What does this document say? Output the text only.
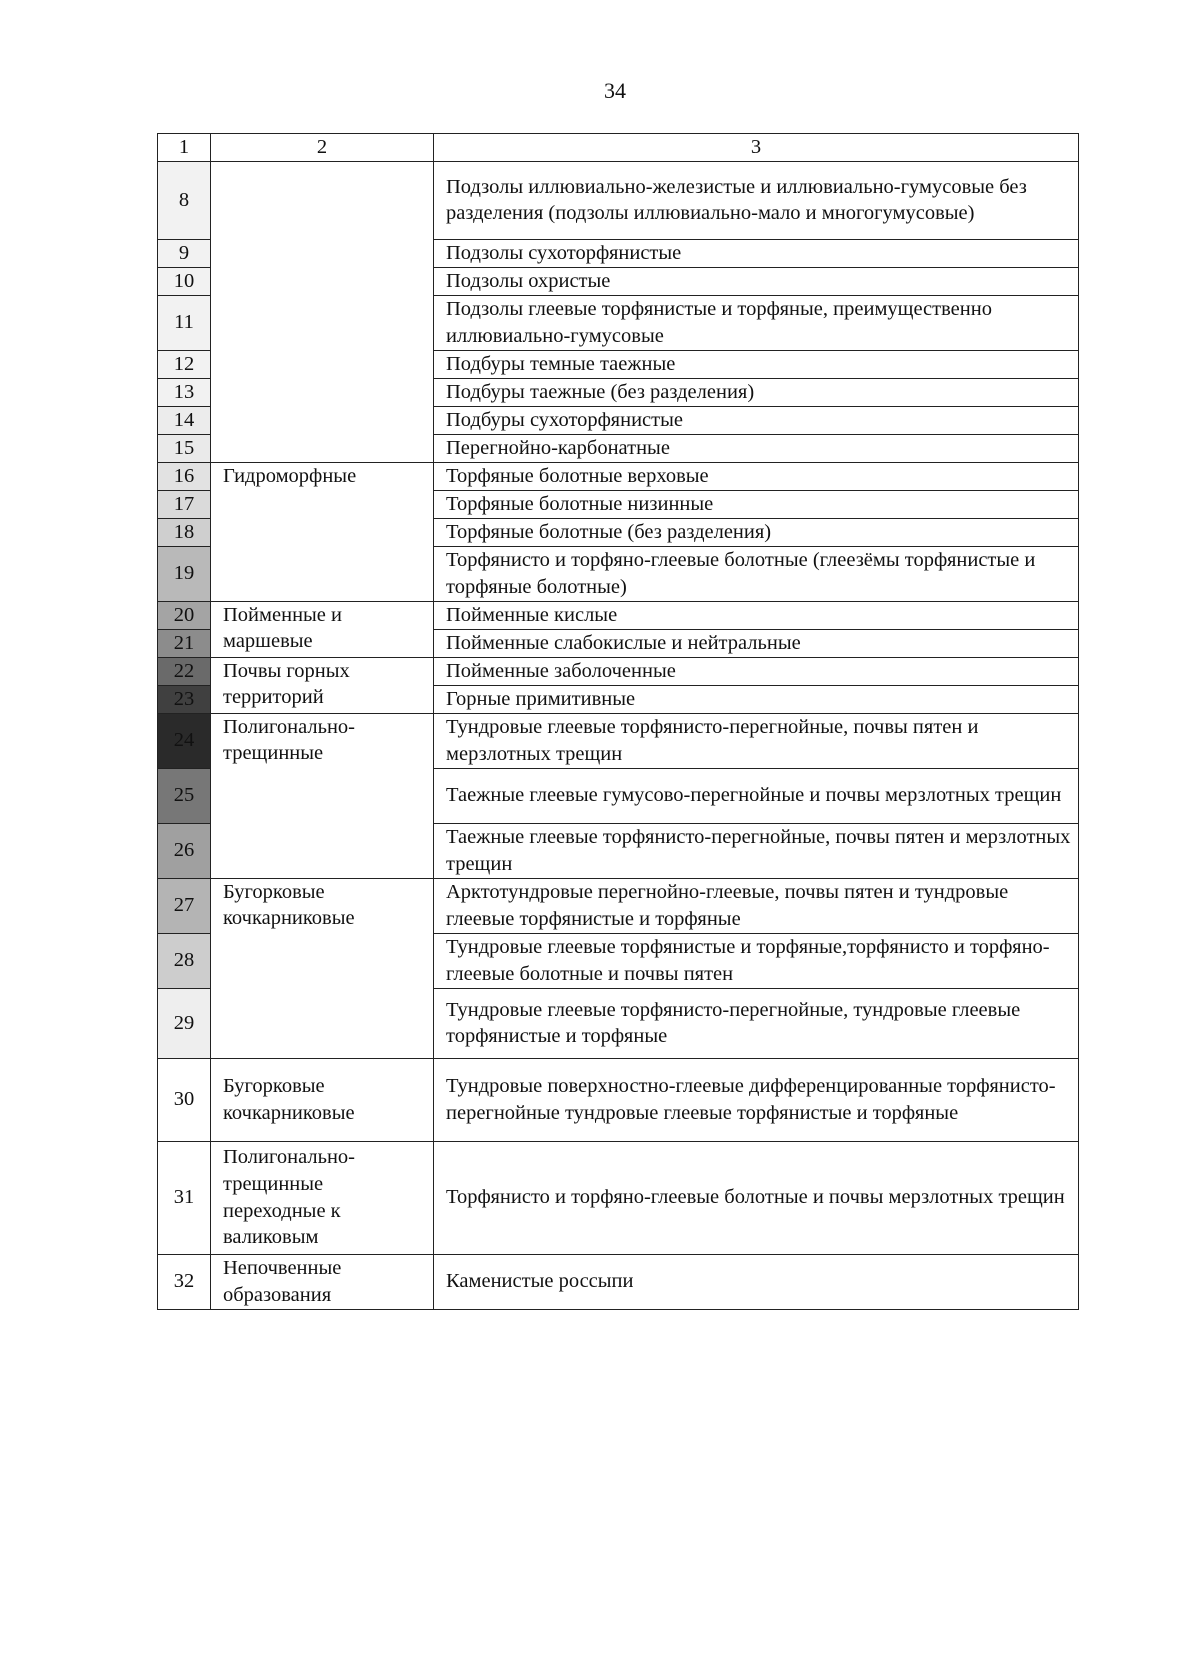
34
1	2	3
8		Подзолы иллювиально-железистые и иллювиально-гумусовые без разделения (подзолы иллювиально-мало и многогумусовые)
9		Подзолы сухоторфянистые
10		Подзолы охристые
11		Подзолы глеевые торфянистые и торфяные, преимущественно иллювиально-гумусовые
12		Подбуры темные таежные
13		Подбуры таежные (без разделения)
14		Подбуры сухоторфянистые
15		Перегнойно-карбонатные
16	Гидроморфные	Торфяные болотные верховые
17		Торфяные болотные низинные
18		Торфяные болотные (без разделения)
19		Торфянисто и торфяно-глеевые болотные (глеезёмы торфянистые и торфяные болотные)
20	Пойменные и маршевые	Пойменные кислые
21		Пойменные слабокислые и нейтральные
22	Почвы горных территорий	Пойменные заболоченные
23		Горные примитивные
24	Полигонально-трещинные	Тундровые глеевые торфянисто-перегнойные, почвы пятен и мерзлотных трещин
25		Таежные глеевые гумусово-перегнойные и почвы мерзлотных трещин
26		Таежные глеевые торфянисто-перегнойные, почвы пятен и мерзлотных трещин
27	Бугорковые кочкарниковые	Арктотундровые перегнойно-глеевые, почвы пятен и тундровые глеевые торфянистые и торфяные
28		Тундровые глеевые торфянистые и торфяные,торфянисто и торфяно-глеевые болотные и почвы пятен
29		Тундровые глеевые торфянисто-перегнойные, тундровые глеевые торфянистые и торфяные
30	Бугорковые кочкарниковые	Тундровые поверхностно-глеевые дифференцированные торфянисто-перегнойные тундровые глеевые торфянистые и торфяные
31	Полигонально-трещинные переходные к валиковым	Торфянисто и торфяно-глеевые болотные и почвы мерзлотных трещин
32	Непочвенные образования	Каменистые россыпи
